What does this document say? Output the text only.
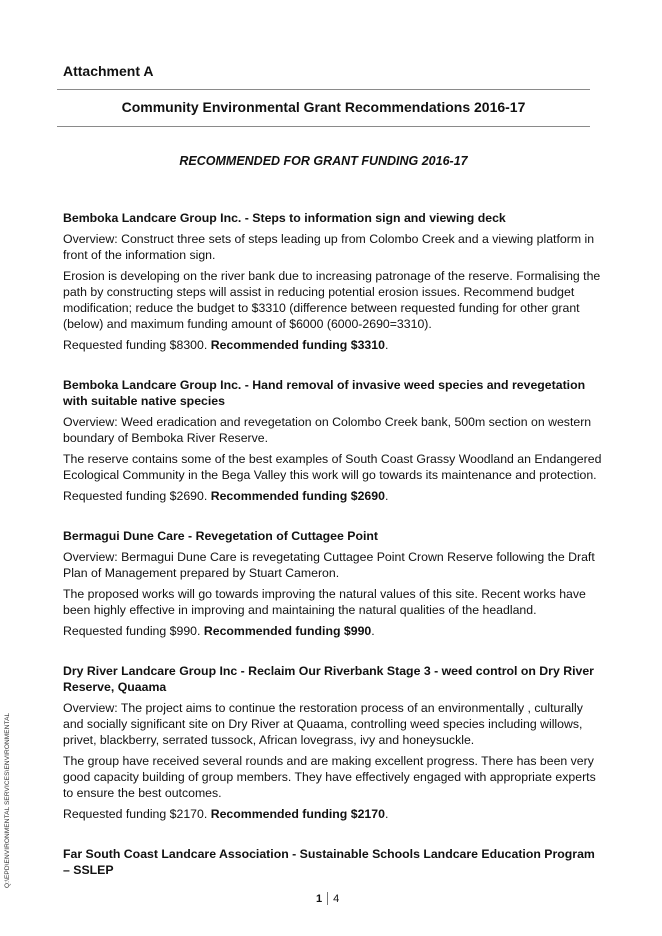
Attachment A
Community Environmental Grant Recommendations 2016-17
RECOMMENDED FOR GRANT FUNDING 2016-17
Bemboka Landcare Group Inc. - Steps to information sign and viewing deck

Overview: Construct three sets of steps leading up from Colombo Creek and a viewing platform in front of the information sign.

Erosion is developing on the river bank due to increasing patronage of the reserve. Formalising the path by constructing steps will assist in reducing potential erosion issues. Recommend budget modification; reduce the budget to $3310 (difference between requested funding for other grant (below) and maximum funding amount of $6000 (6000-2690=3310).

Requested funding $8300. Recommended funding $3310.

Bemboka Landcare Group Inc. - Hand removal of invasive weed species and revegetation with suitable native species

Overview: Weed eradication and revegetation on Colombo Creek bank, 500m section on western boundary of Bemboka River Reserve.

The reserve contains some of the best examples of South Coast Grassy Woodland an Endangered Ecological Community in the Bega Valley this work will go towards its maintenance and protection.

Requested funding $2690. Recommended funding $2690.

Bermagui Dune Care - Revegetation of Cuttagee Point

Overview: Bermagui Dune Care is revegetating Cuttagee Point Crown Reserve following the Draft Plan of Management prepared by Stuart Cameron.

The proposed works will go towards improving the natural values of this site. Recent works have been highly effective in improving and maintaining the natural qualities of the headland.

Requested funding $990. Recommended funding $990.

Dry River Landcare Group Inc - Reclaim Our Riverbank Stage 3 - weed control on Dry River Reserve, Quaama

Overview: The project aims to continue the restoration process of an environmentally , culturally and socially significant site on Dry River at Quaama, controlling weed species including willows, privet, blackberry, serrated tussock, African lovegrass, ivy and honeysuckle.

The group have received several rounds and are making excellent progress. There has been very good capacity building of group members. They have effectively engaged with appropriate experts to ensure the best outcomes.

Requested funding $2170. Recommended funding $2170.

Far South Coast Landcare Association - Sustainable Schools Landcare Education Program – SSLEP
Q:\EPD\ENVIRONMENTAL SERVICES\ENVIRONMENTAL
1 4
